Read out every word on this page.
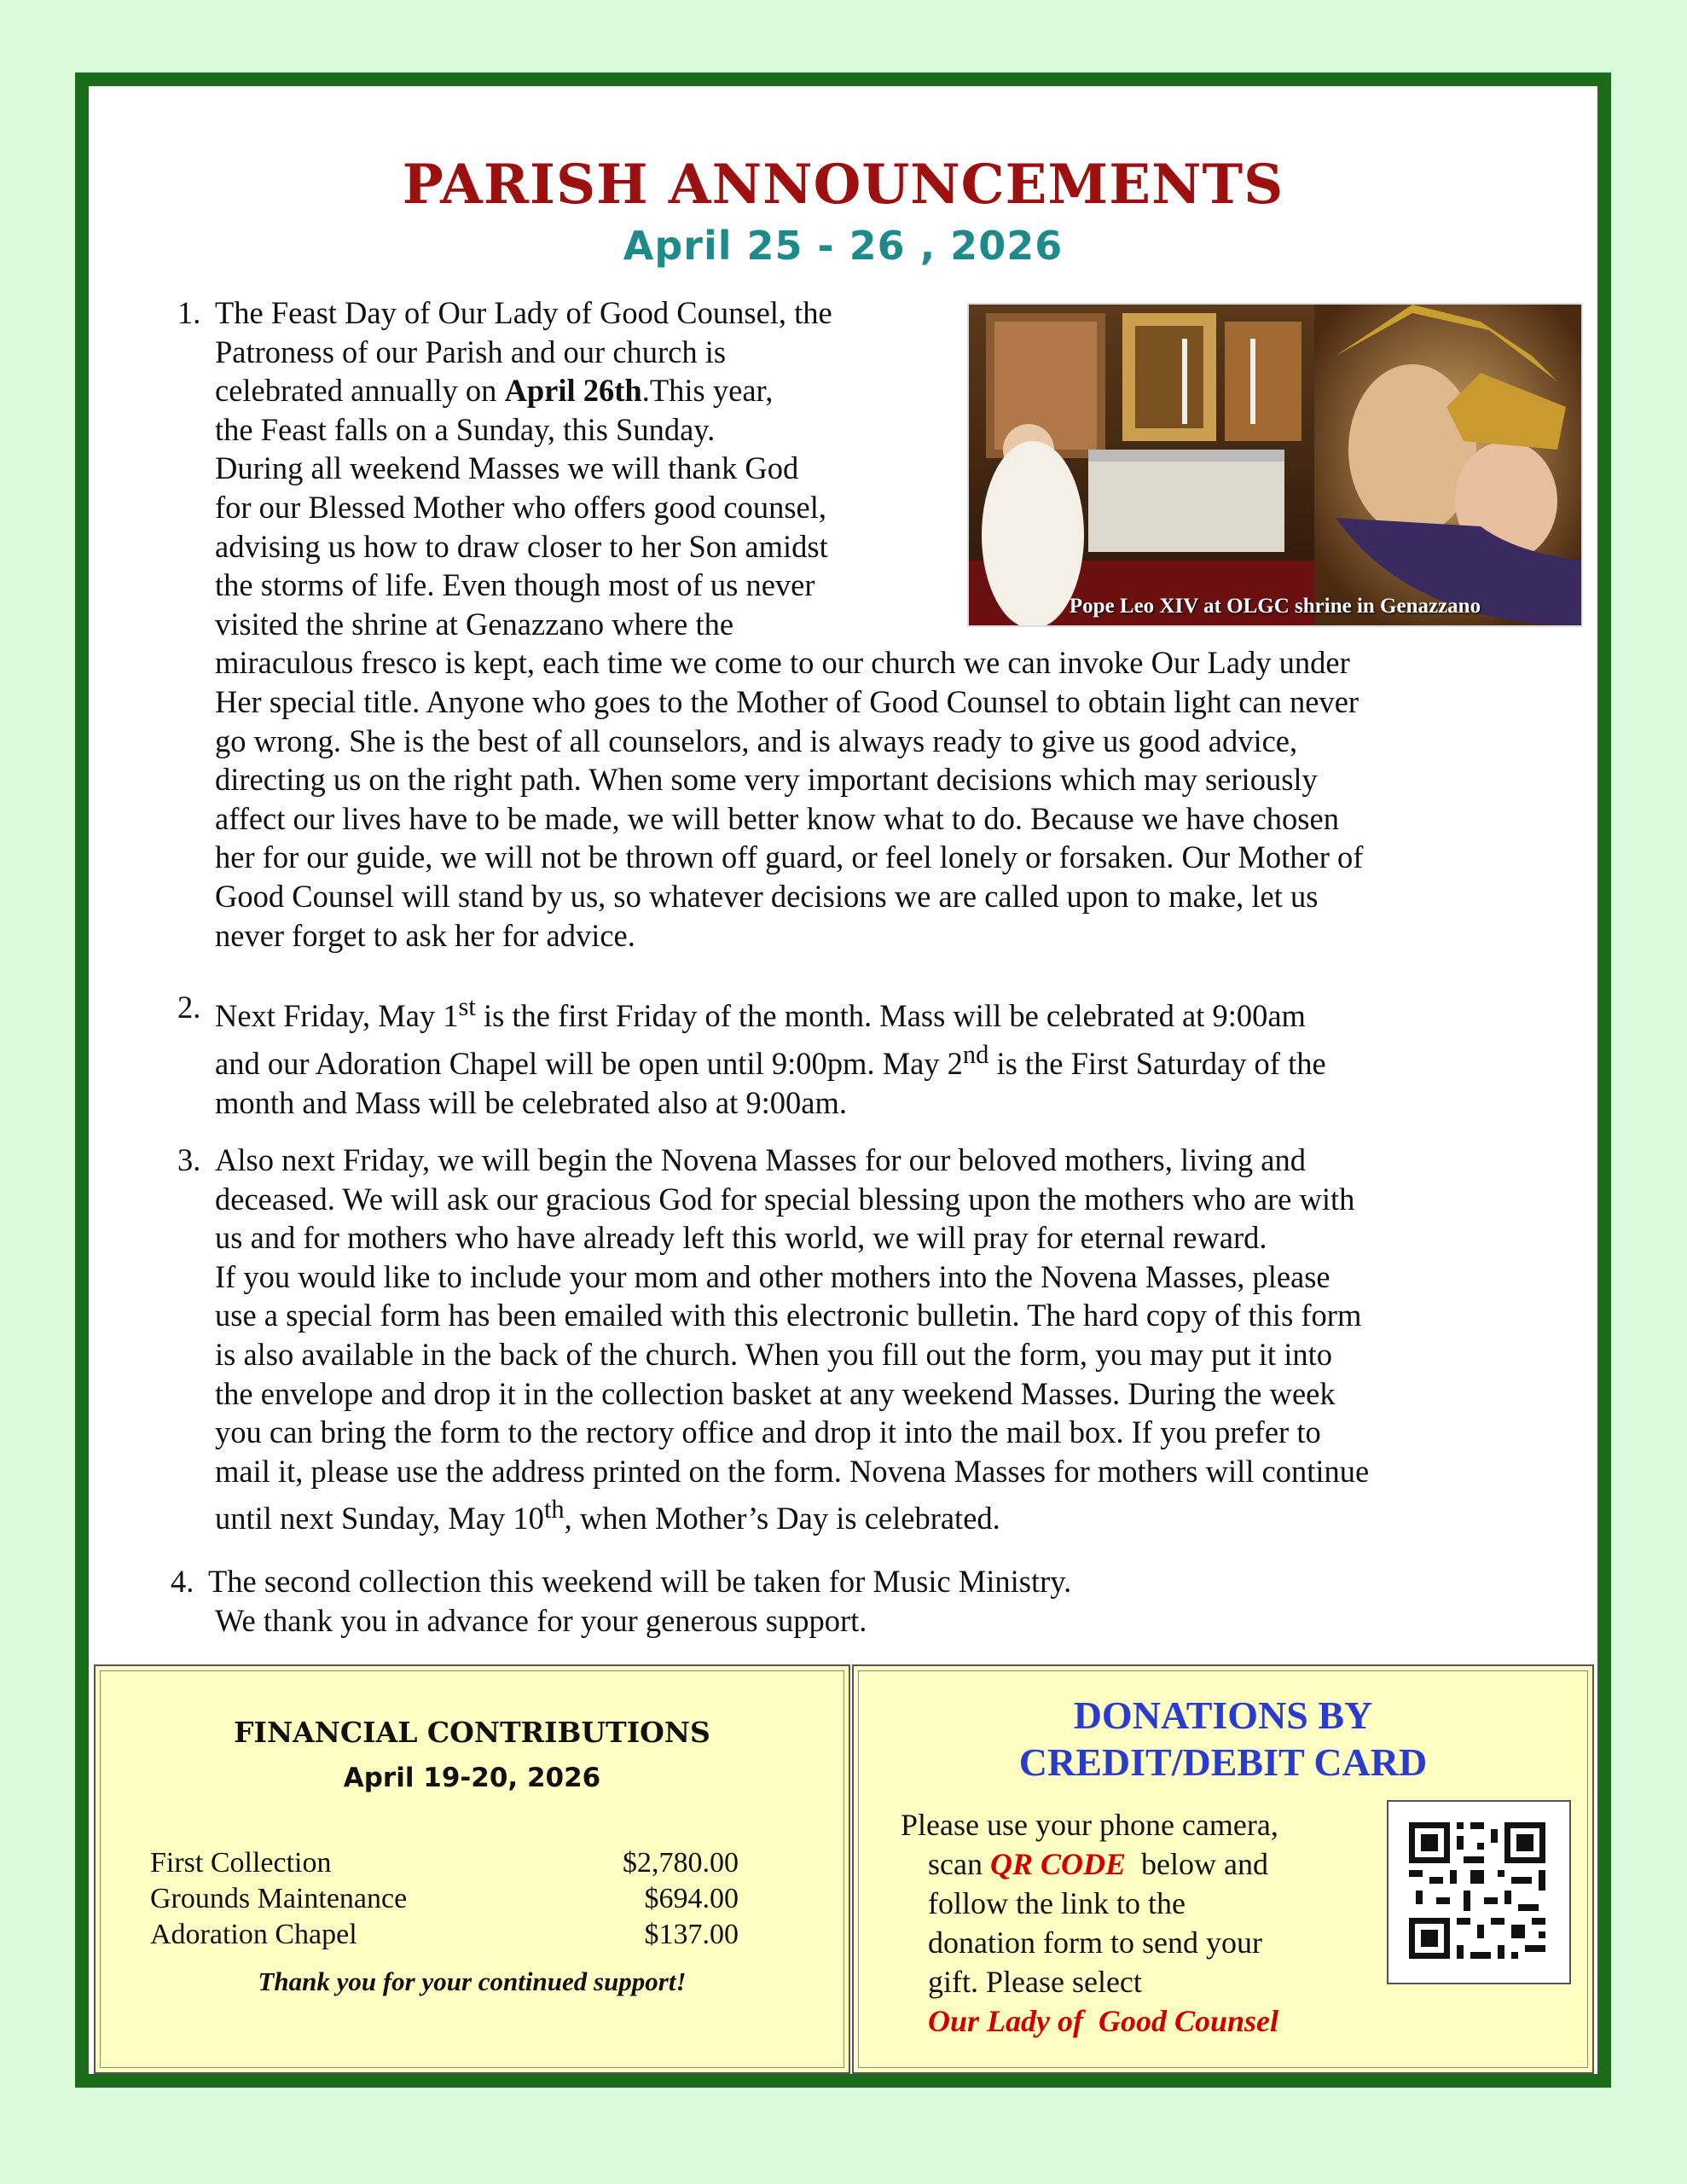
PARISH ANNOUNCEMENTS
April 25 - 26 , 2026
Pope Leo XIV at OLGC shrine in Genazzano
1. The Feast Day of Our Lady of Good Counsel, the
Patroness of our Parish and our church is
celebrated annually on April 26th.This year,
the Feast falls on a Sunday, this Sunday.
During all weekend Masses we will thank God
for our Blessed Mother who offers good counsel,
advising us how to draw closer to her Son amidst
the storms of life. Even though most of us never
visited the shrine at Genazzano where the
miraculous fresco is kept, each time we come to our church we can invoke Our Lady under
Her special title. Anyone who goes to the Mother of Good Counsel to obtain light can never
go wrong. She is the best of all counselors, and is always ready to give us good advice,
directing us on the right path. When some very important decisions which may seriously
affect our lives have to be made, we will better know what to do. Because we have chosen
her for our guide, we will not be thrown off guard, or feel lonely or forsaken. Our Mother of
Good Counsel will stand by us, so whatever decisions we are called upon to make, let us
never forget to ask her for advice.
2. Next Friday, May 1st is the first Friday of the month. Mass will be celebrated at 9:00am
and our Adoration Chapel will be open until 9:00pm. May 2nd is the First Saturday of the
month and Mass will be celebrated also at 9:00am.
3. Also next Friday, we will begin the Novena Masses for our beloved mothers, living and
deceased. We will ask our gracious God for special blessing upon the mothers who are with
us and for mothers who have already left this world, we will pray for eternal reward.
If you would like to include your mom and other mothers into the Novena Masses, please
use a special form has been emailed with this electronic bulletin. The hard copy of this form
is also available in the back of the church. When you fill out the form, you may put it into
the envelope and drop it in the collection basket at any weekend Masses. During the week
you can bring the form to the rectory office and drop it into the mail box. If you prefer to
mail it, please use the address printed on the form. Novena Masses for mothers will continue
until next Sunday, May 10th, when Mother’s Day is celebrated.
4. The second collection this weekend will be taken for Music Ministry.
We thank you in advance for your generous support.
FINANCIAL CONTRIBUTIONS
April 19-20, 2026
First Collection	$2,780.00
Grounds Maintenance	$694.00
Adoration Chapel	$137.00
Thank you for your continued support!
DONATIONS BY
CREDIT/DEBIT CARD
Please use your phone camera,
scan QR CODE  below and
follow the link to the
donation form to send your
gift. Please select
Our Lady of  Good Counsel
